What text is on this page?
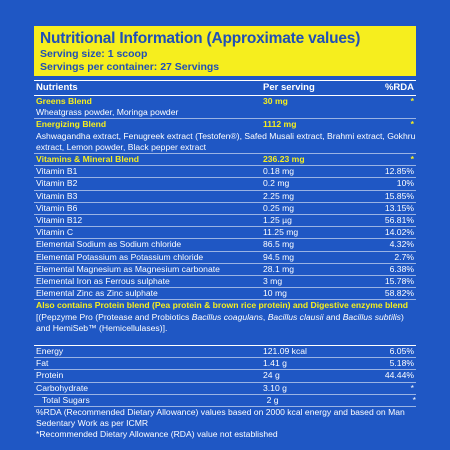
Nutritional Information (Approximate values)
Serving size: 1 scoop
Servings per container: 27 Servings
Nutrients	Per serving	%RDA
Greens Blend	30 mg	*
Wheatgrass powder, Moringa powder
Energizing Blend	1112 mg	*
Ashwagandha extract, Fenugreek extract (Testofen®), Safed Musali extract, Brahmi extract, Gokhru extract, Lemon powder, Black pepper extract
Vitamins & Mineral Blend	236.23 mg	*
Vitamin B1	0.18 mg	12.85%
Vitamin B2	0.2 mg	10%
Vitamin B3	2.25 mg	15.85%
Vitamin B6	0.25 mg	13.15%
Vitamin B12	1.25 µg	56.81%
Vitamin C	11.25 mg	14.02%
Elemental Sodium as Sodium chloride	86.5 mg	4.32%
Elemental Potassium as Potassium chloride	94.5 mg	2.7%
Elemental Magnesium as Magnesium carbonate	28.1 mg	6.38%
Elemental Iron as Ferrous sulphate	3 mg	15.78%
Elemental Zinc as Zinc sulphate	10 mg	58.82%
Also contains Protein blend (Pea protein & brown rice protein) and Digestive enzyme blend [(Pepzyme Pro (Protease and Probiotics Bacillus coagulans, Bacillus clausii and Bacillus subtilis) and HemiSeb™ (Hemicellulases)].
Energy	121.09 kcal	6.05%
Fat	1.41 g	5.18%
Protein	24 g	44.44%
Carbohydrate	3.10 g	*
Total Sugars	2 g	*
%RDA (Recommended Dietary Allowance) values based on 2000 kcal energy and based on Man Sedentary Work as per ICMR
*Recommended Dietary Allowance (RDA) value not established
